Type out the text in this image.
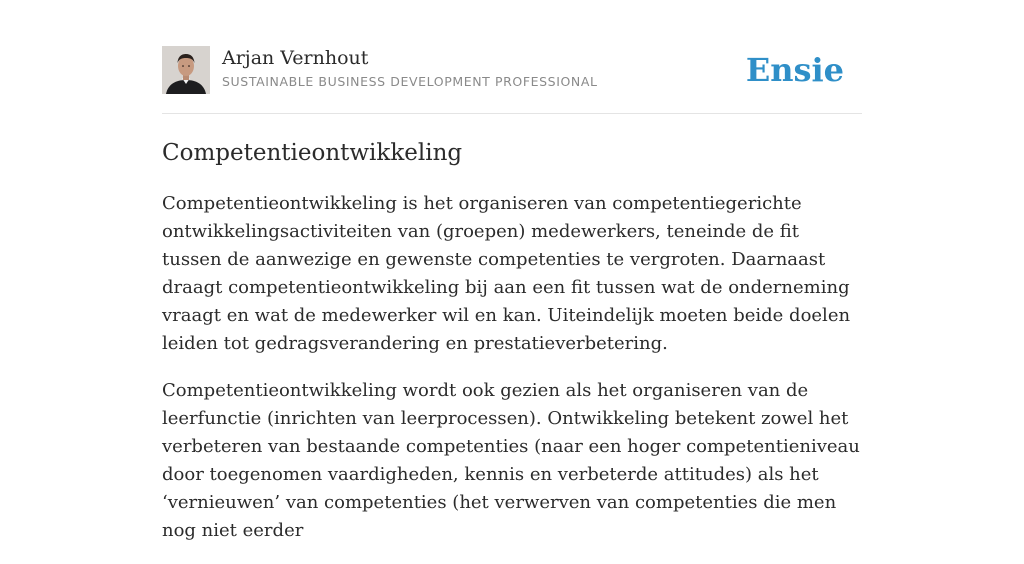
Arjan Vernhout
SUSTAINABLE BUSINESS DEVELOPMENT PROFESSIONAL	Ensie
Competentieontwikkeling

Competentieontwikkeling is het organiseren van competentiegerichte ontwikkelingsactiviteiten van (groepen) medewerkers, teneinde de fit tussen de aanwezige en gewenste competenties te vergroten. Daarnaast draagt competentieontwikkeling bij aan een fit tussen wat de onderneming vraagt en wat de medewerker wil en kan. Uiteindelijk moeten beide doelen leiden tot gedragsverandering en prestatieverbetering.

Competentieontwikkeling wordt ook gezien als het organiseren van de leerfunctie (inrichten van leerprocessen). Ontwikkeling betekent zowel het verbeteren van bestaande competenties (naar een hoger competentieniveau door toegenomen vaardigheden, kennis en verbeterde attitudes) als het ‘vernieuwen’ van competenties (het verwerven van competenties die men nog niet eerder
